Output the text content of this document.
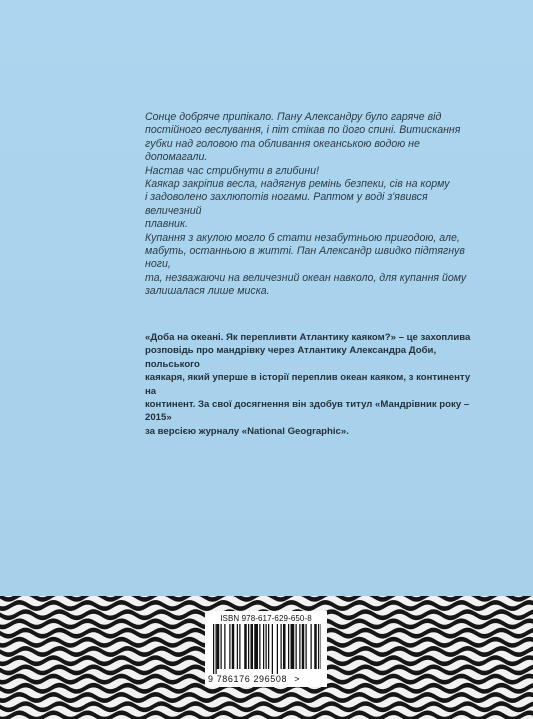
Сонце добряче припікало. Пану Александру було гаряче від

постійного веслування, і піт стікав по його спині. Витискання

губки над головою та обливання океанською водою не допомагали.

Настав час стрибнути в глибини!

Каякар закріпив весла, надягнув ремінь безпеки, сів на корму

і задоволено захлюпотів ногами. Раптом у воді з'явився величезний

плавник.

Купання з акулою могло б стати незабутньою пригодою, але,

мабуть, останньою в житті. Пан Александр швидко підтягнув ноги,

та, незважаючи на величезний океан навколо, для купання йому

залишалася лише миска.

«Доба на океані. Як перепливти Атлантику каяком?» – це захоплива

розповідь про мандрівку через Атлантику Александра Доби, польського

каякаря, який уперше в історії переплив океан каяком, з континенту на

континент. За свої досягнення він здобув титул «Мандрівник року – 2015»

за версією журналу «National Geographic».

ISBN 978-617-629-650-8
9 786176 296508 >
